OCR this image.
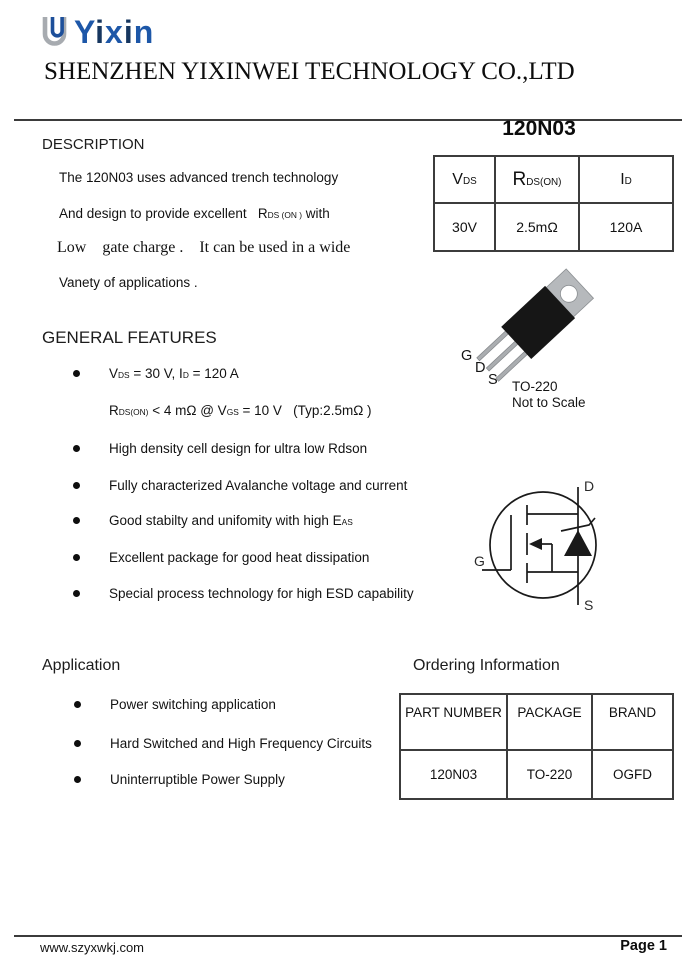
Yixin
SHENZHEN YIXINWEI TECHNOLOGY CO.,LTD
120N03
DESCRIPTION
The 120N03 uses advanced trench technology
And design to provide excellent   RDS (ON ) with
Low    gate charge .    It can be used in a wide
Vanety of applications .
VDS	RDS(ON)	ID
30V	2.5mΩ	120A
G
D
S TO-220
Not to Scale
GENERAL FEATURES
VDS = 30 V, ID = 120 A
RDS(ON) < 4 mΩ @ VGS = 10 V   (Typ:2.5mΩ )
High density cell design for ultra low Rdson
Fully characterized Avalanche voltage and current
Good stabilty and unifomity with high EAS
Excellent package for good heat dissipation
Special process technology for high ESD capability
D
S
G
Application
Power switching application
Hard Switched and High Frequency Circuits
Uninterruptible Power Supply
Ordering Information
PART NUMBER	PACKAGE	BRAND
120N03	TO-220	OGFD
www.szyxwkj.com	Page 1
